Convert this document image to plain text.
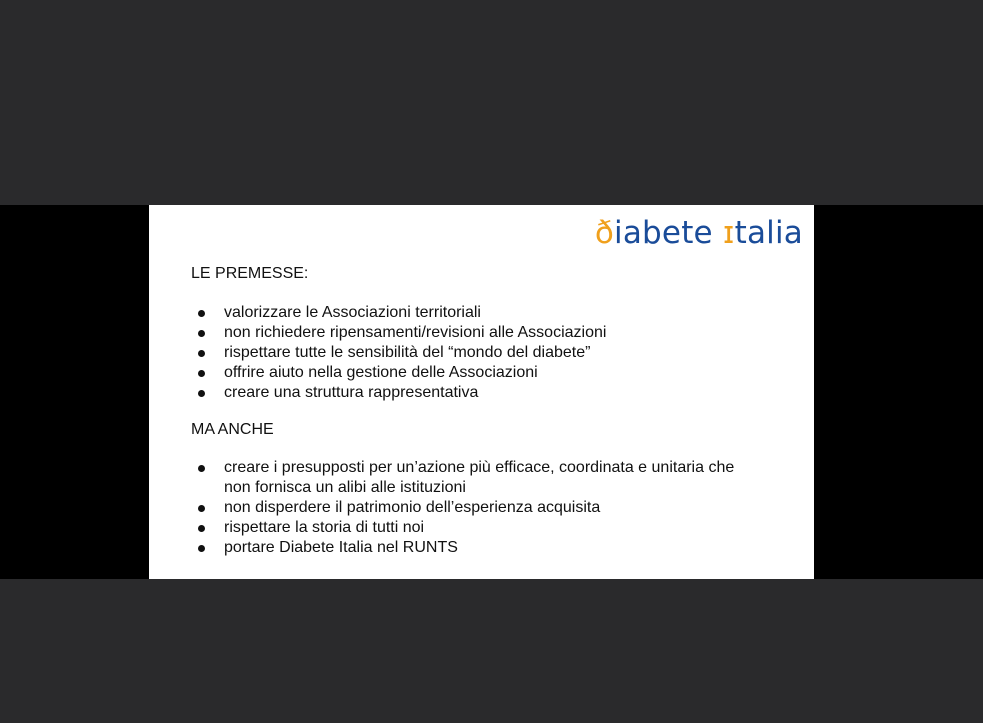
ðiabete ɪtalia

LE PREMESSE:

valorizzare le Associazioni territoriali
non richiedere ripensamenti/revisioni alle Associazioni
rispettare tutte le sensibilità del “mondo del diabete”
offrire aiuto nella gestione delle Associazioni
creare una struttura rappresentativa

MA ANCHE

creare i presupposti per un’azione più efficace, coordinata e unitaria che non fornisca un alibi alle istituzioni
non disperdere il patrimonio dell’esperienza acquisita
rispettare la storia di tutti noi
portare Diabete Italia nel RUNTS
